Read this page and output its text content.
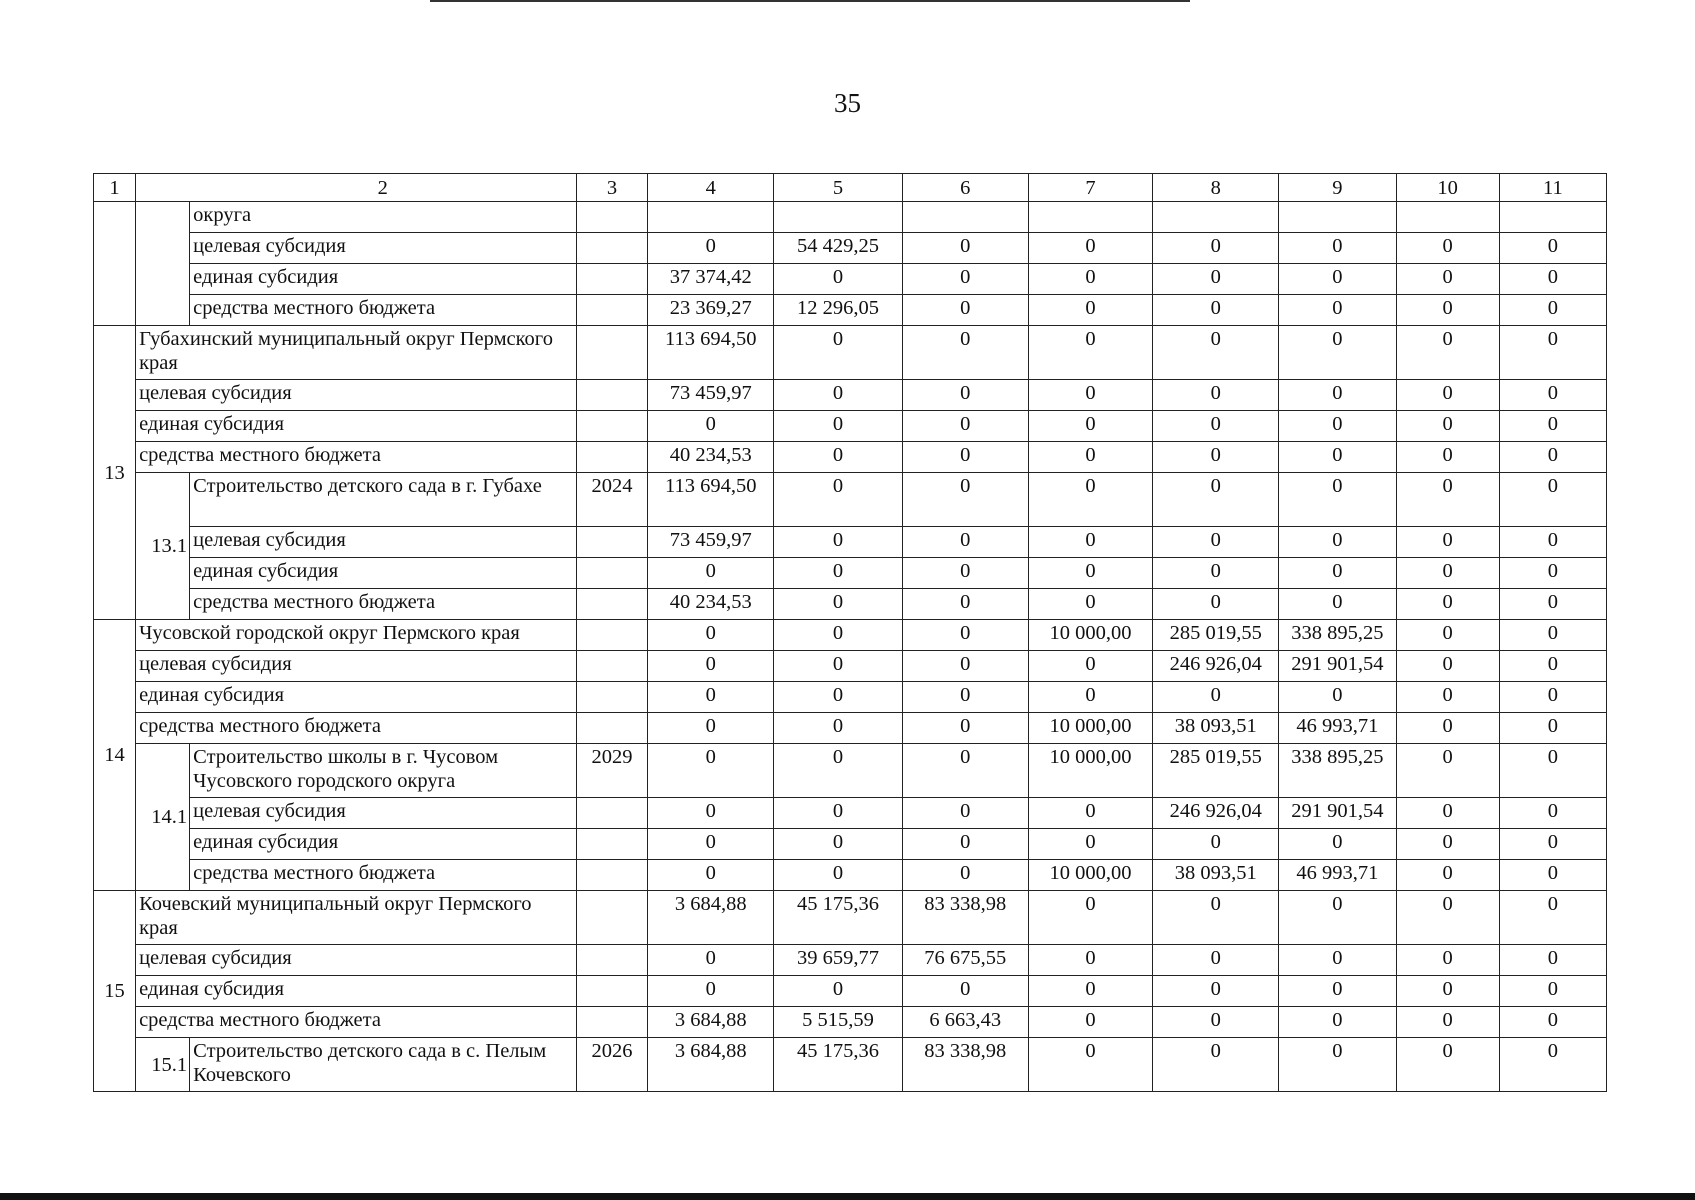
35
1		2	3	4	5	6	7	8	9	10	11
		округа									
		целевая субсидия		0	54 429,25	0	0	0	0	0	0
		единая субсидия		37 374,42	0	0	0	0	0	0	0
		средства местного бюджета		23 369,27	12 296,05	0	0	0	0	0	0
13	Губахинский муниципальный округ Пермского края			113 694,50	0	0	0	0	0	0	0
	целевая субсидия			73 459,97	0	0	0	0	0	0	0
	единая субсидия			0	0	0	0	0	0	0	0
	средства местного бюджета			40 234,53	0	0	0	0	0	0	0
	13.1	Строительство детского сада в г. Губахе	2024	113 694,50	0	0	0	0	0	0	0
		целевая субсидия		73 459,97	0	0	0	0	0	0	0
		единая субсидия		0	0	0	0	0	0	0	0
		средства местного бюджета		40 234,53	0	0	0	0	0	0	0
14	Чусовской городской округ Пермского края			0	0	0	10 000,00	285 019,55	338 895,25	0	0
	целевая субсидия			0	0	0	0	246 926,04	291 901,54	0	0
	единая субсидия			0	0	0	0	0	0	0	0
	средства местного бюджета			0	0	0	10 000,00	38 093,51	46 993,71	0	0
	14.1	Строительство школы в г. Чусовом Чусовского городского округа	2029	0	0	0	10 000,00	285 019,55	338 895,25	0	0
		целевая субсидия		0	0	0	0	246 926,04	291 901,54	0	0
		единая субсидия		0	0	0	0	0	0	0	0
		средства местного бюджета		0	0	0	10 000,00	38 093,51	46 993,71	0	0
15	Кочевский муниципальный округ Пермского края			3 684,88	45 175,36	83 338,98	0	0	0	0	0
	целевая субсидия			0	39 659,77	76 675,55	0	0	0	0	0
	единая субсидия			0	0	0	0	0	0	0	0
	средства местного бюджета			3 684,88	5 515,59	6 663,43	0	0	0	0	0
	15.1	Строительство детского сада в с. Пелым Кочевского	2026	3 684,88	45 175,36	83 338,98	0	0	0	0	0
